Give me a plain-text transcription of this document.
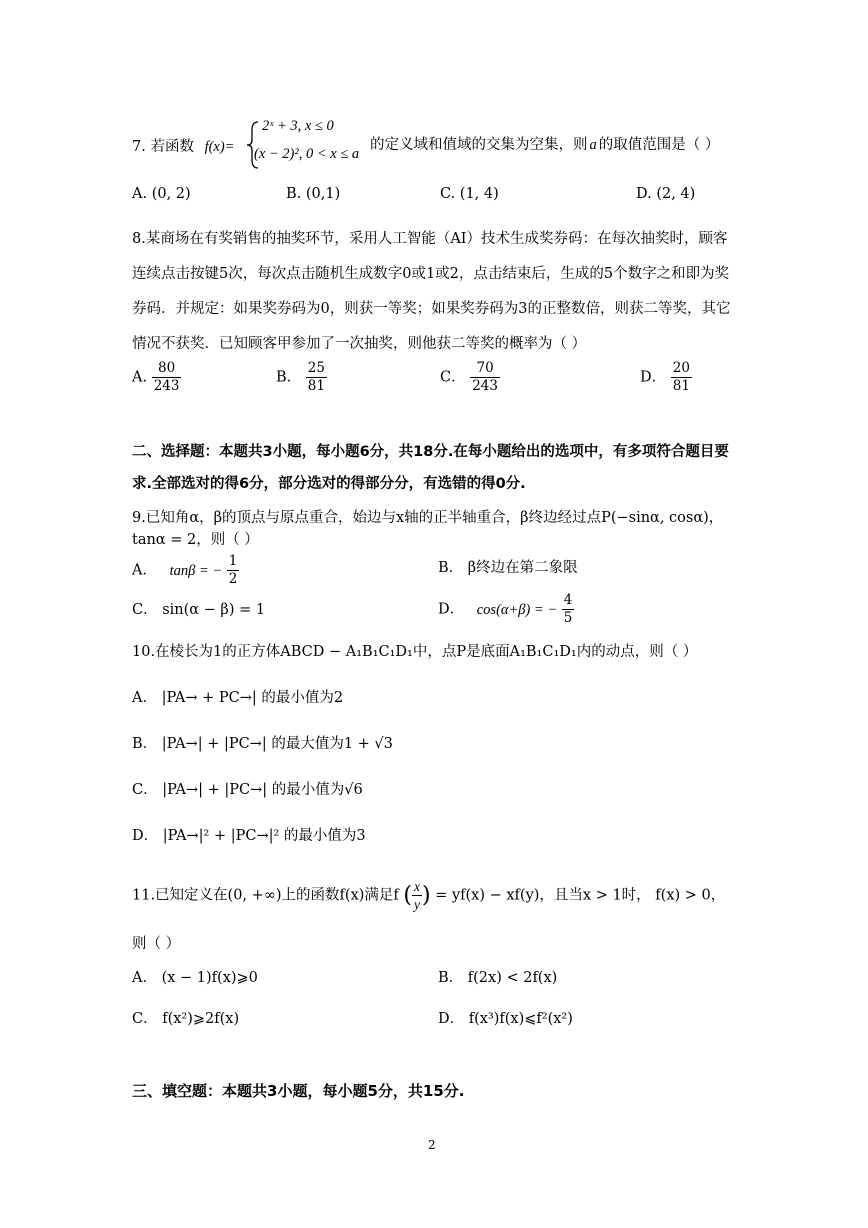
7. 若函数 f(x)=
2ˣ + 3, x ≤ 0
(x − 2)², 0 < x ≤ a
的定义域和值域的交集为空集，则 a 的取值范围是（ ）
A. (0, 2)	B. (0,1)	C. (1, 4)	D. (2, 4)
8.某商场在有奖销售的抽奖环节，采用人工智能（AI）技术生成奖券码：在每次抽奖时，顾客连续点击按键5次，每次点击随机生成数字0或1或2，点击结束后，生成的5个数字之和即为奖券码．并规定：如果奖券码为0，则获一等奖；如果奖券码为3的正整数倍，则获二等奖，其它情况不获奖．已知顾客甲参加了一次抽奖，则他获二等奖的概率为（ ）
A. $\frac{80}{243}$	B． $\frac{25}{81}$	C． $\frac{70}{243}$	D． $\frac{20}{81}$
二、选择题：本题共3小题，每小题6分，共18分.在每小题给出的选项中，有多项符合题目要求.全部选对的得6分，部分选对的得部分分，有选错的得0分.
9.已知角α，β的顶点与原点重合，始边与x轴的正半轴重合，β终边经过点P(−sinα, cosα)，
tanα = 2，则（ ）
A． tanβ = − $\frac{1}{2}$	B． β终边在第二象限
C． sin(α − β) = 1	D． cos(α+β) = − $\frac{4}{5}$
10.在棱长为1的正方体ABCD − A₁B₁C₁D₁中，点P是底面A₁B₁C₁D₁内的动点，则（ ）
A． |PA→ + PC→| 的最小值为2
B． |PA→| + |PC→| 的最大值为1 + √3
C． |PA→| + |PC→| 的最小值为√6
D． |PA→|² + |PC→|² 的最小值为3
11.已知定义在(0, +∞)上的函数f(x)满足f ( $\frac{x}{y}$ ) = yf(x) − xf(y)，且当x > 1时， f(x) > 0，
则（ ）
A． (x − 1)f(x)⩾0	B． f(2x) < 2f(x)
C． f(x²)⩾2f(x)	D． f(x³)f(x)⩽f²(x²)
三、填空题：本题共3小题，每小题5分，共15分.
2
